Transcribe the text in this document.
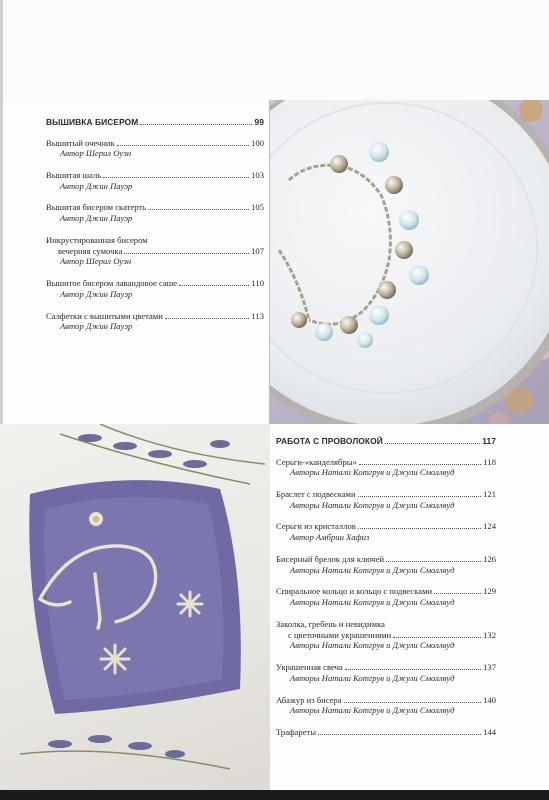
ВЫШИВКА БИСЕРОМ	99
Вышитый очечник	100
Автор Шерил Оуэн
Вышитая шаль	103
Автор Джин Пауэр
Вышитая бисером скатерть	105
Автор Джин Пауэр
Инкрустированная бисером
вечерняя сумочка	107
Автор Шерил Оуэн
Вышитое бисером лавандовое саше	110
Автор Джин Пауэр
Салфетки с вышитыми цветами	113
Автор Джин Пауэр
РАБОТА С ПРОВОЛОКОЙ	117
Серьги-«канделябры»	118
Авторы Натали Котгрув и Джули Смоллвуд
Браслет с подвесками	121
Авторы Натали Котгрув и Джули Смоллвуд
Серьги из кристаллов	124
Автор Амбрин Хафиз
Бисерный брелок для ключей	126
Авторы Натали Котгрув и Джули Смоллвуд
Спиральное кольцо и кольцо с подвесками	129
Авторы Натали Котгрув и Джули Смоллвуд
Заколка, гребень и невидимка
с цветочными украшениями	132
Авторы Натали Котгрув и Джули Смоллвуд
Украшенная свеча	137
Авторы Натали Котгрув и Джули Смоллвуд
Абажур из бисера	140
Авторы Натали Котгрув и Джули Смоллвуд
Трафареты	144
